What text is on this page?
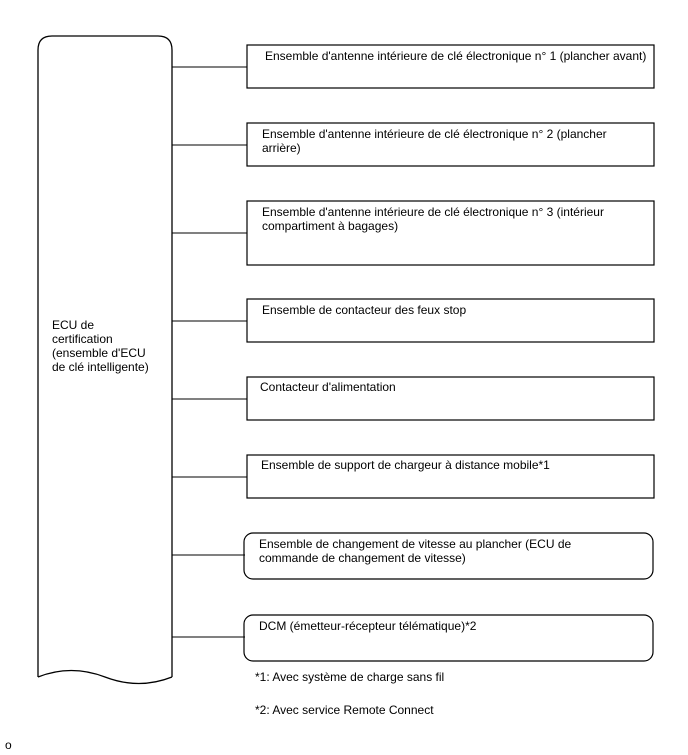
ECU de
certification
(ensemble d'ECU
de clé intelligente)
Ensemble d'antenne intérieure de clé électronique n° 1 (plancher avant)
Ensemble d'antenne intérieure de clé électronique n° 2 (plancher
arrière)
Ensemble d'antenne intérieure de clé électronique n° 3 (intérieur
compartiment à bagages)
Ensemble de contacteur des feux stop
Contacteur d'alimentation
Ensemble de support de chargeur à distance mobile*1
Ensemble de changement de vitesse au plancher (ECU de
commande de changement de vitesse)
DCM (émetteur-récepteur télématique)*2
*1: Avec système de charge sans fil
*2: Avec service Remote Connect
o
